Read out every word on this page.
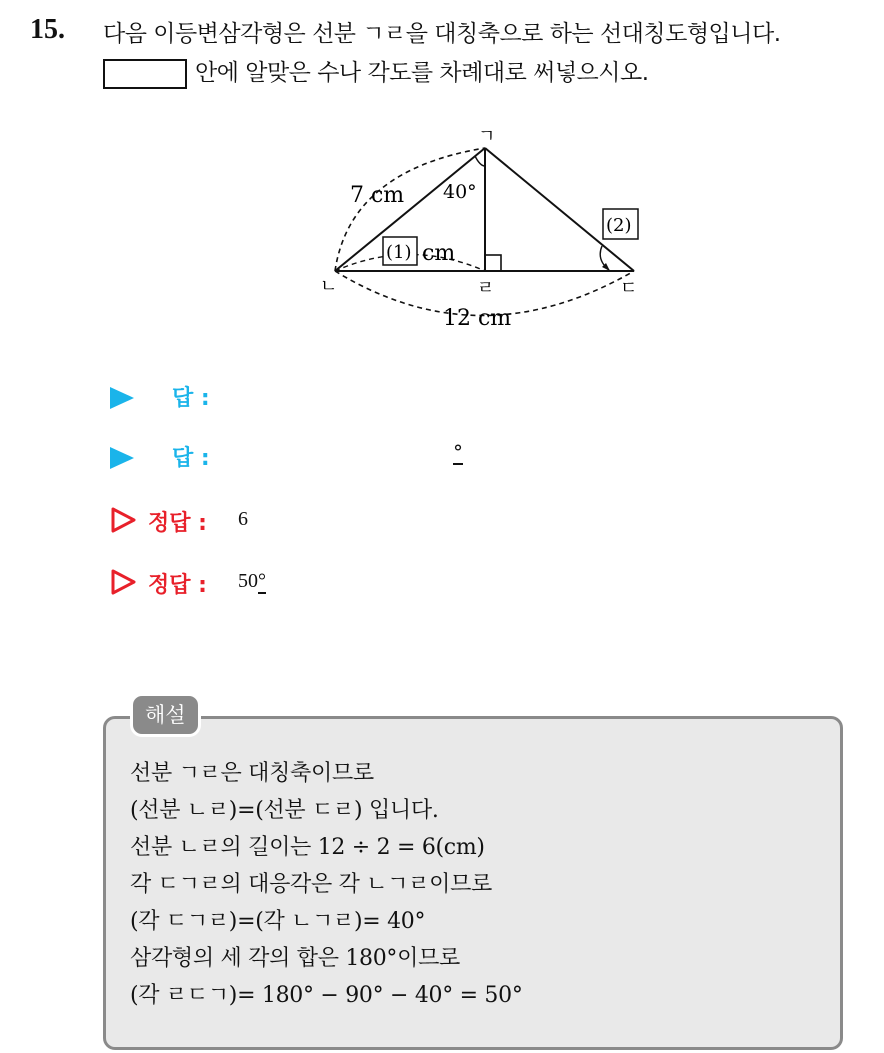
15. 다음 이등변삼각형은 선분 ㄱㄹ을 대칭축으로 하는 선대칭도형입니다.
안에 알맞은 수나 각도를 차례대로 써넣으시오.
ㄱ
ㄴ	ㄹ	ㄷ
7 cm 40°
(1) cm
(2)
12 cm
답 :
답 :	°
정답 : 6
정답 : 50°
선분 ㄱㄹ은 대칭축이므로
(선분 ㄴㄹ)=(선분 ㄷㄹ) 입니다.
선분 ㄴㄹ의 길이는 12 ÷ 2 = 6(cm)
각 ㄷㄱㄹ의 대응각은 각 ㄴㄱㄹ이므로
(각 ㄷㄱㄹ)=(각 ㄴㄱㄹ)= 40°
삼각형의 세 각의 합은 180°이므로
(각 ㄹㄷㄱ)= 180° − 90° − 40° = 50°
해설
